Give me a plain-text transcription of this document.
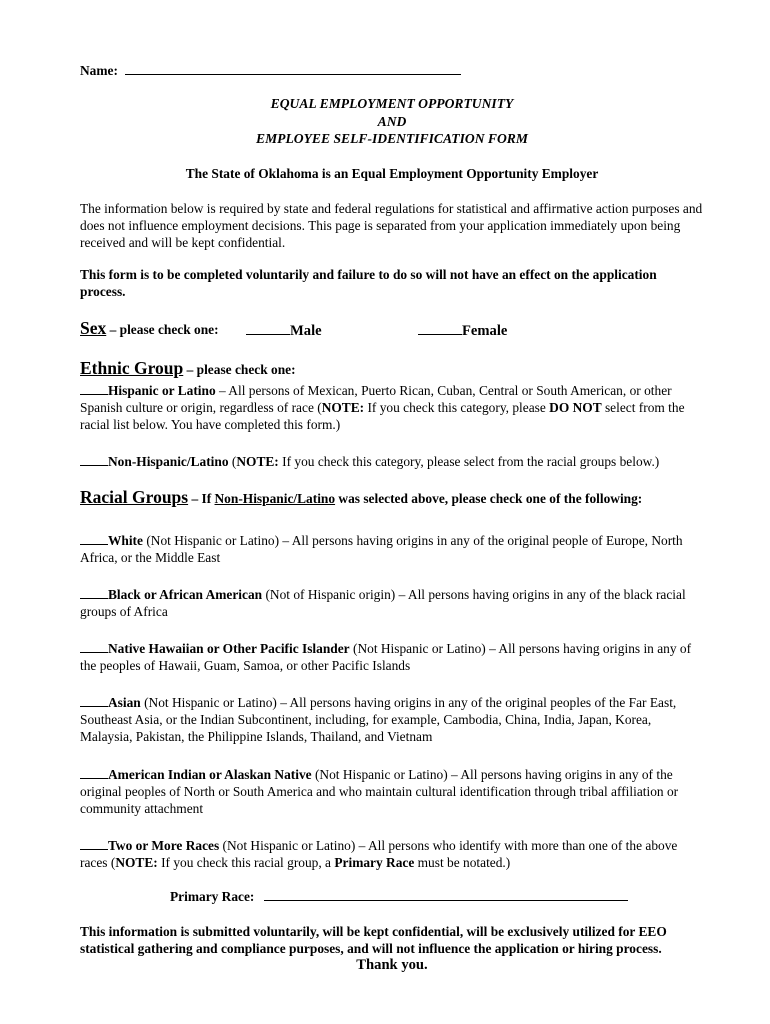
Name:
EQUAL EMPLOYMENT OPPORTUNITY
AND
EMPLOYEE SELF-IDENTIFICATION FORM
The State of Oklahoma is an Equal Employment Opportunity Employer
The information below is required by state and federal regulations for statistical and affirmative action purposes and does not influence employment decisions. This page is separated from your application immediately upon being received and will be kept confidential.
This form is to be completed voluntarily and failure to do so will not have an effect on the application process.
Sex – please check one:	Male	Female
Ethnic Group – please check one:
Hispanic or Latino – All persons of Mexican, Puerto Rican, Cuban, Central or South American, or other Spanish culture or origin, regardless of race (NOTE: If you check this category, please DO NOT select from the racial list below. You have completed this form.)
Non-Hispanic/Latino (NOTE: If you check this category, please select from the racial groups below.)
Racial Groups – If Non-Hispanic/Latino was selected above, please check one of the following:
White (Not Hispanic or Latino) – All persons having origins in any of the original people of Europe, North Africa, or the Middle East
Black or African American (Not of Hispanic origin) – All persons having origins in any of the black racial groups of Africa
Native Hawaiian or Other Pacific Islander (Not Hispanic or Latino) – All persons having origins in any of the peoples of Hawaii, Guam, Samoa, or other Pacific Islands
Asian (Not Hispanic or Latino) – All persons having origins in any of the original peoples of the Far East, Southeast Asia, or the Indian Subcontinent, including, for example, Cambodia, China, India, Japan, Korea, Malaysia, Pakistan, the Philippine Islands, Thailand, and Vietnam
American Indian or Alaskan Native (Not Hispanic or Latino) – All persons having origins in any of the original peoples of North or South America and who maintain cultural identification through tribal affiliation or community attachment
Two or More Races (Not Hispanic or Latino) – All persons who identify with more than one of the above races (NOTE: If you check this racial group, a Primary Race must be notated.)
Primary Race:
This information is submitted voluntarily, will be kept confidential, will be exclusively utilized for EEO statistical gathering and compliance purposes, and will not influence the application or hiring process.
Thank you.
